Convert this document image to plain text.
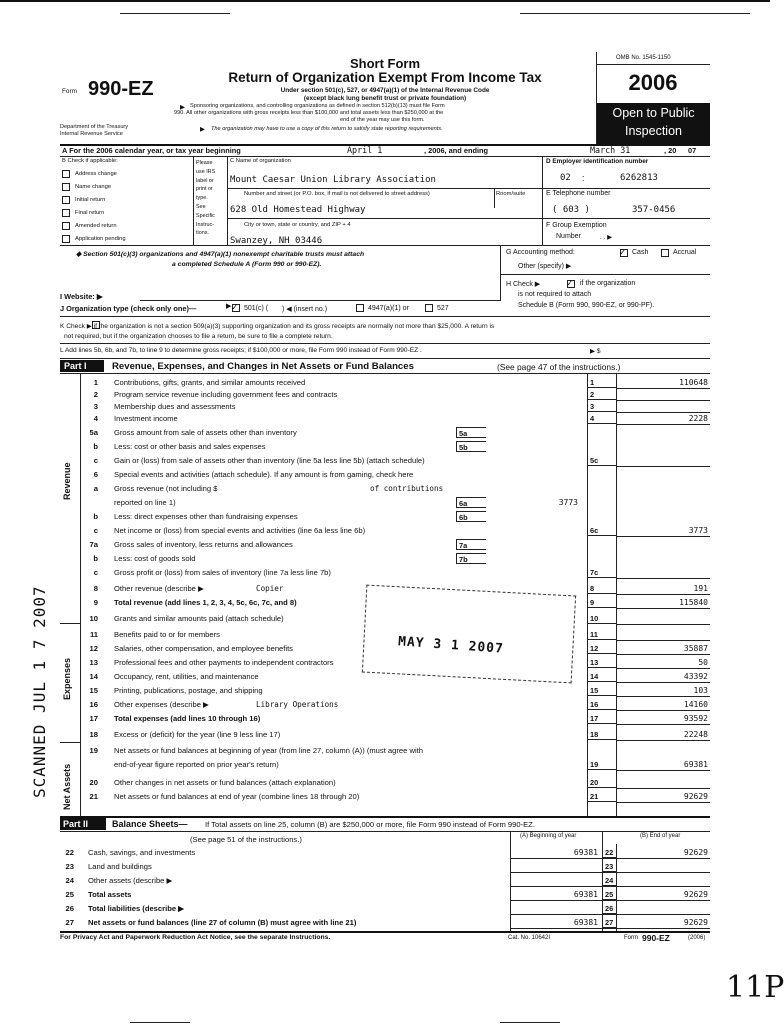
Form 990-EZ
Department of the Treasury
Internal Revenue Service
Short Form
Return of Organization Exempt From Income Tax
Under section 501(c), 527, or 4947(a)(1) of the Internal Revenue Code
(except black lung benefit trust or private foundation)
▶ Sponsoring organizations, and controlling organizations as defined in section 512(b)(13) must file Form
990. All other organizations with gross receipts less than $100,000 and total assets less than $250,000 at the
end of the year may use this form.
▶ The organization may have to use a copy of this return to satisfy state reporting requirements.
OMB No. 1545-1150
2006
Open to Public
Inspection
A For the 2006 calendar year, or tax year beginning	April 1	, 2006, and ending	March 31	, 20 07
B Check if applicable:
Address change
Name change
Initial return
Final return
Amended return
Application pending
Please
use IRS
label or
print or
type.
See
Specific
Instruc-
tions.
C Name of organization
Mount Caesar Union Library Association
Number and street (or P.O. box, if mail is not delivered to street address)	Room/suite
628 Old Homestead Highway
City or town, state or country, and ZIP + 4
Swanzey, NH 03446
D Employer identification number
02 :	6262813
E Telephone number
( 603 )	357-0456
F Group Exemption
Number	. . ▶
◆ Section 501(c)(3) organizations and 4947(a)(1) nonexempt charitable trusts must attach
a completed Schedule A (Form 990 or 990-EZ).
G Accounting method:	✓ Cash	Accrual
Other (specify) ▶
H Check ▶	✓ if the organization
is not required to attach
Schedule B (Form 990, 990-EZ, or 990-PF).
I Website: ▶
J Organization type (check only one)—	▶ ✓ 501(c) ( ) ◀ (insert no.)	4947(a)(1) or	527
K Check ▶ if the organization is not a section 509(a)(3) supporting organization and its gross receipts are normally not more than $25,000. A return is
not required, but if the organization chooses to file a return, be sure to file a complete return.
L Add lines 5b, 6b, and 7b, to line 9 to determine gross receipts; if $100,000 or more, file Form 990 instead of Form 990-EZ .	▶ $
Part I	Revenue, Expenses, and Changes in Net Assets or Fund Balances	(See page 47 of the instructions.)
Revenue
Expenses
Net Assets
1 Contributions, gifts, grants, and similar amounts received	1	110648
2 Program service revenue including government fees and contracts	2
3 Membership dues and assessments	3
4 Investment income	4	2228
5a Gross amount from sale of assets other than inventory	5a
b Less: cost or other basis and sales expenses	5b
c Gain or (loss) from sale of assets other than inventory (line 5a less line 5b) (attach schedule)	5c
6 Special events and activities (attach schedule). If any amount is from gaming, check here
a Gross revenue (not including $	of contributions
reported on line 1)	6a	3773
b Less: direct expenses other than fundraising expenses	6b
c Net income or (loss) from special events and activities (line 6a less line 6b)	6c	3773
7a Gross sales of inventory, less returns and allowances	7a
b Less: cost of goods sold	7b
c Gross profit or (loss) from sales of inventory (line 7a less line 7b)	7c
8 Other revenue (describe ▶	Copier	8	191
9 Total revenue (add lines 1, 2, 3, 4, 5c, 6c, 7c, and 8)	9	115840
10 Grants and similar amounts paid (attach schedule)	10
11 Benefits paid to or for members	11
12 Salaries, other compensation, and employee benefits	12	35887
13 Professional fees and other payments to independent contractors	13	50
14 Occupancy, rent, utilities, and maintenance	14	43392
15 Printing, publications, postage, and shipping	15	103
16 Other expenses (describe ▶	Library Operations	16	14160
17 Total expenses (add lines 10 through 16)	17	93592
18 Excess or (deficit) for the year (line 9 less line 17)	18	22248
19 Net assets or fund balances at beginning of year (from line 27, column (A)) (must agree with
end-of-year figure reported on prior year's return)	19	69381
20 Other changes in net assets or fund balances (attach explanation)	20
21 Net assets or fund balances at end of year (combine lines 18 through 20)	21	92629
Part II	Balance Sheets— If Total assets on line 25, column (B) are $250,000 or more, file Form 990 instead of Form 990-EZ.
(See page 51 of the instructions.)	(A) Beginning of year	(B) End of year
22 Cash, savings, and investments	69381 22	92629
23 Land and buildings	23
24 Other assets (describe ▶	24
25 Total assets	69381 25	92629
26 Total liabilities (describe ▶	26
27 Net assets or fund balances (line 27 of column (B) must agree with line 21)	69381 27	92629
For Privacy Act and Paperwork Reduction Act Notice, see the separate Instructions.	Cat. No. 10642I	Form 990-EZ	(2006)
MAY 3 1 2007
SCANNED JUL 1 7 2007
11P
